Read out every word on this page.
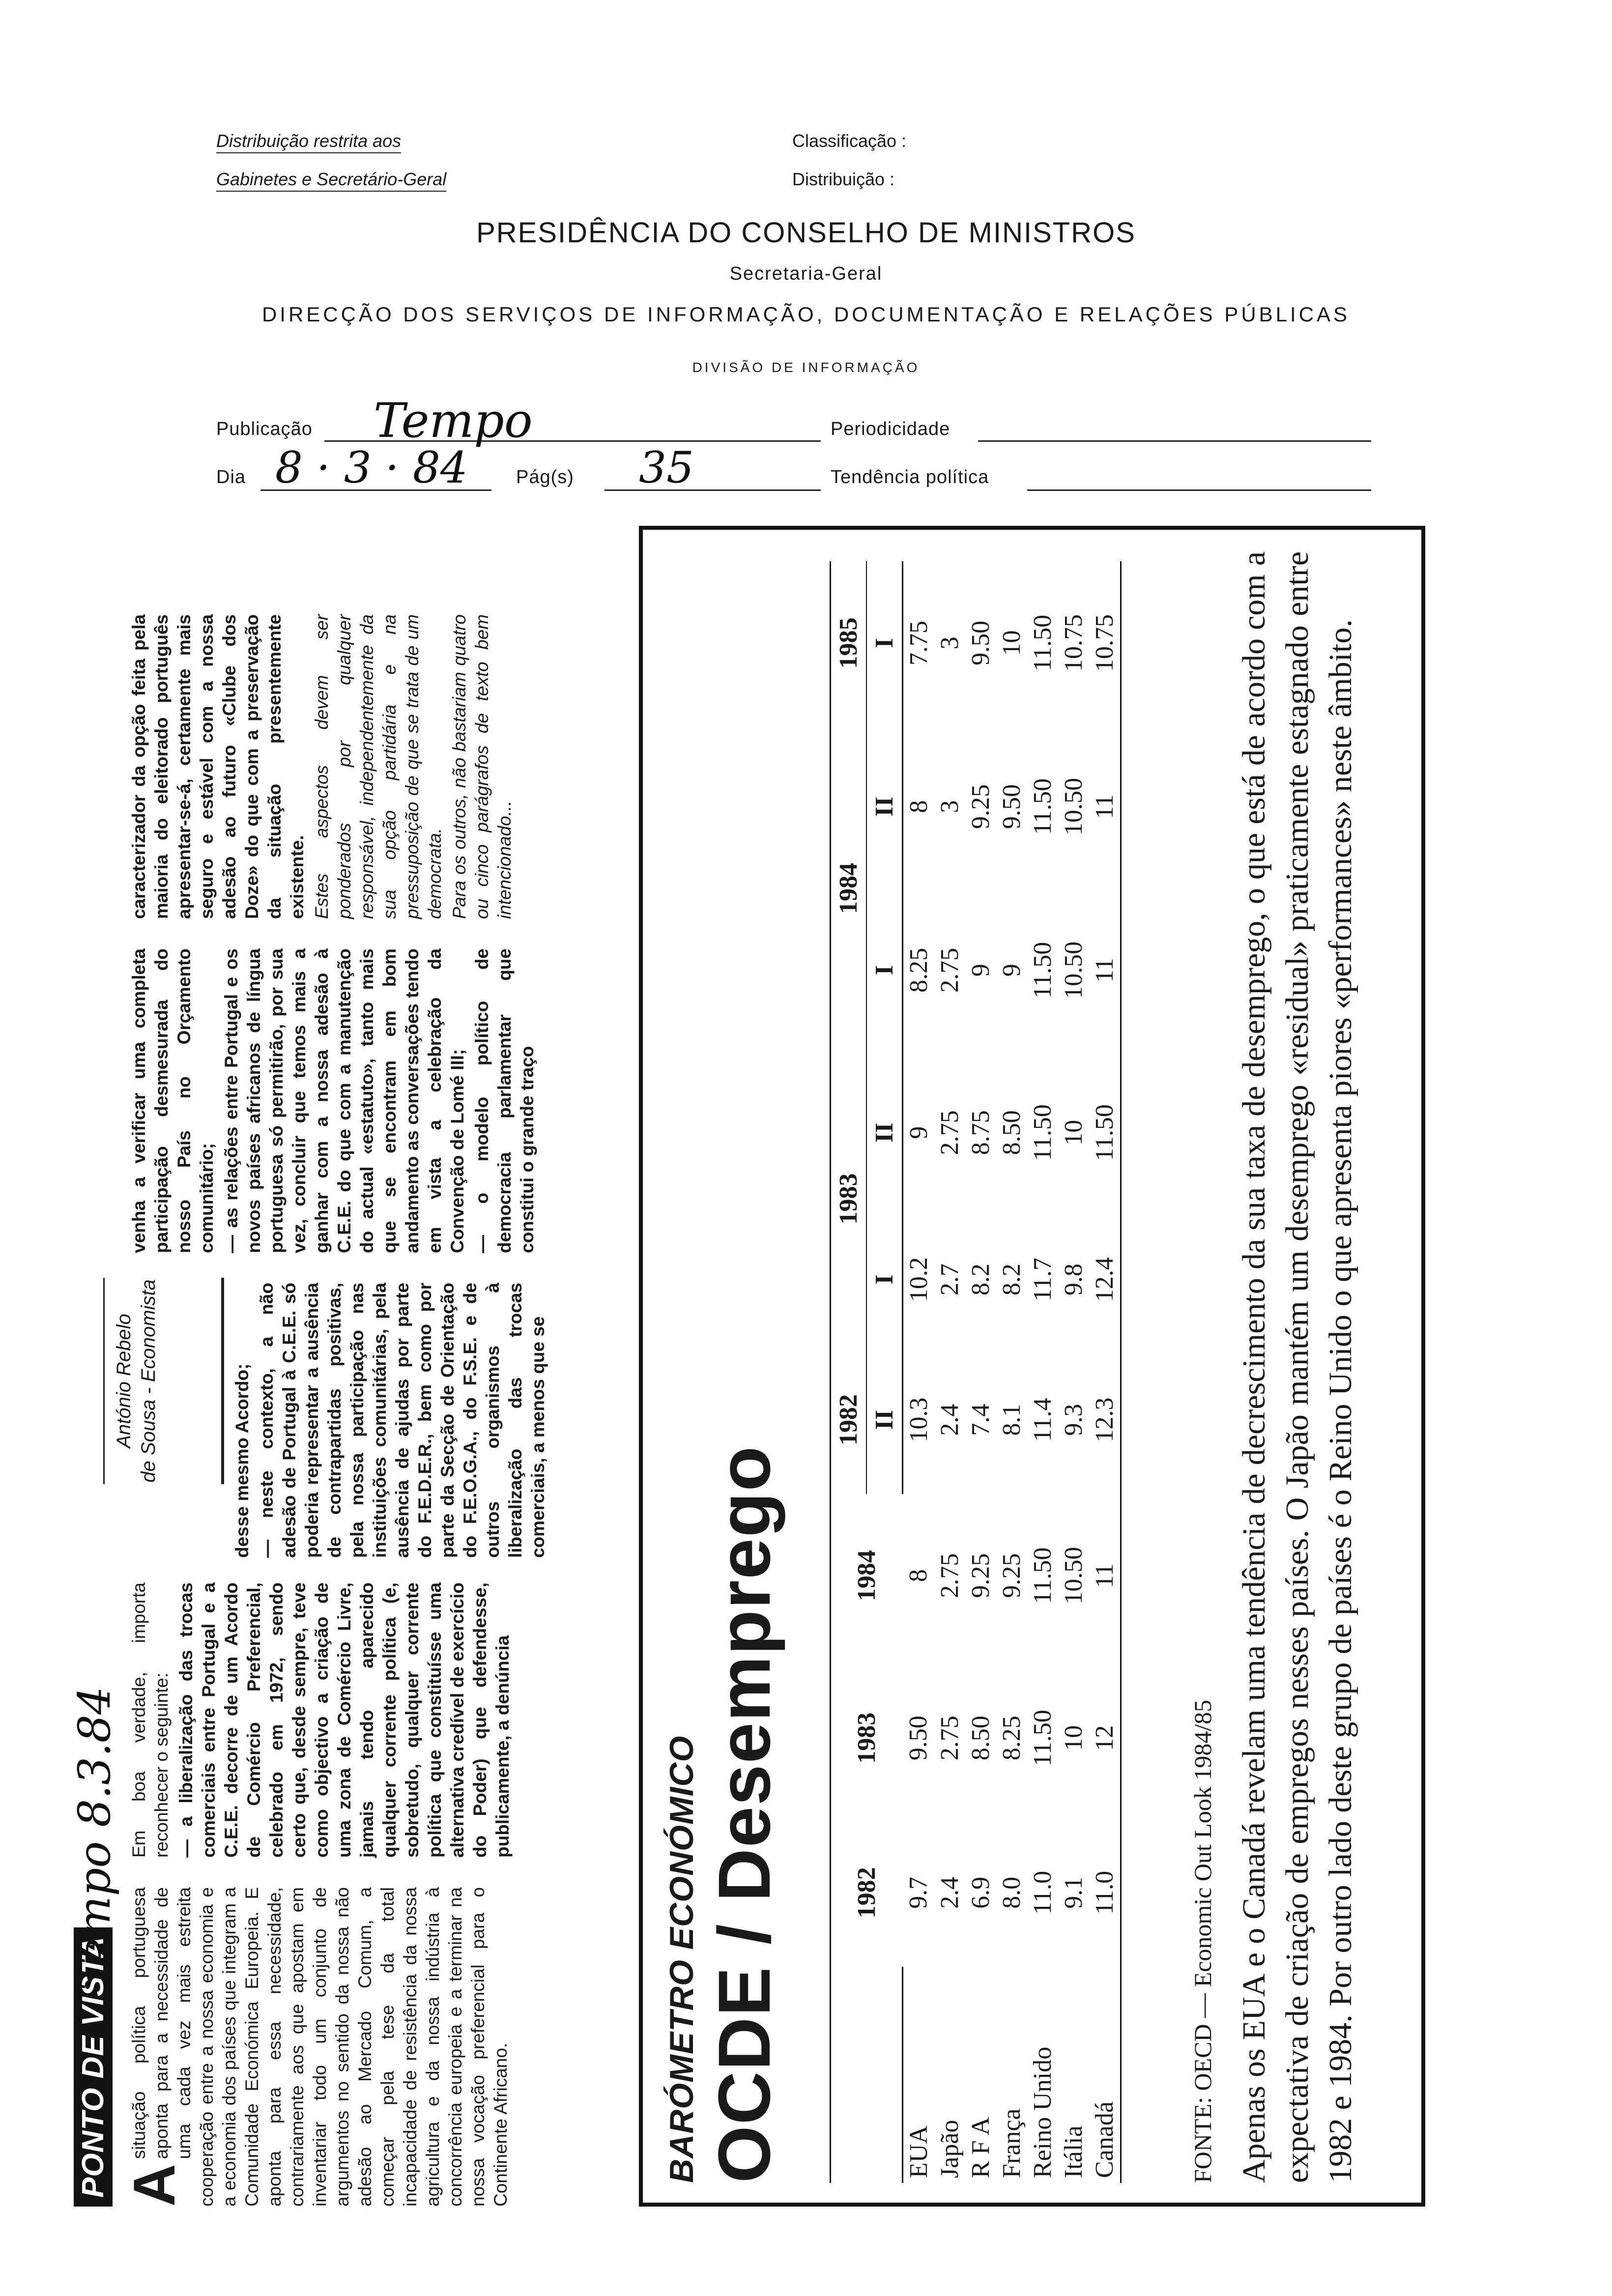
Distribuição restrita aos
Gabinetes e Secretário-Geral
Classificação :
Distribuição :
PRESIDÊNCIA DO CONSELHO DE MINISTROS
Secretaria-Geral
DIRECÇÃO DOS SERVIÇOS DE INFORMAÇÃO, DOCUMENTAÇÃO E RELAÇÕES PÚBLICAS
DIVISÃO DE INFORMAÇÃO
Publicação Tempo	Periodicidade
Dia 8 · 3 · 84	Pág(s) 35	Tendência política
PONTO DE VISTA
Tempo 8.3.84

A
situação política portuguesa aponta para a necessidade de uma cada vez mais estreita cooperação entre a nossa economia e a economia dos países que integram a Comunidade Económica Europeia. E aponta para essa necessidade, contrariamente aos que apostam em inventariar todo um conjunto de argumentos no sentido da nossa não adesão ao Mercado Comum, a começar pela tese da total incapacidade de resistência da nossa agricultura e da nossa indústria à concorrência europeia e a terminar na nossa vocação preferencial para o Continente Africano.

Em boa verdade, importa reconhecer o seguinte: — a liberalização das trocas comerciais entre Portugal e a C.E.E. decorre de um Acordo de Comércio Preferencial, celebrado em 1972, sendo certo que, desde sempre, teve como objectivo a criação de uma zona de Comércio Livre, jamais tendo aparecido qualquer corrente política (e, sobretudo, qualquer corrente política que constituísse uma alternativa credível de exercício do Poder) que defendesse, publicamente, a denúncia

António Rebelo de Sousa - Economista	desse mesmo Acordo; — neste contexto, a não adesão de Portugal à C.E.E. só poderia representar a ausência de contrapartidas positivas, pela nossa participação nas instituições comunitárias, pela ausência de ajudas por parte do F.E.D.E.R., bem como por parte da Secção de Orientação do F.E.O.G.A., do F.S.E. e de outros organismos à liberalização das trocas comerciais, a menos que se

venha a verificar uma completa participação desmesurada do nosso País no Orçamento comunitário; — as relações entre Portugal e os novos países africanos de língua portuguesa só permitirão, por sua vez, concluir que temos mais a ganhar com a nossa adesão à C.E.E. do que com a manutenção do actual «estatuto», tanto mais que se encontram em bom andamento as conversações tendo em vista a celebração da Convenção de Lomé III; — o modelo político de democracia parlamentar que constitui o grande traço

caracterizador da opção feita pela maioria do eleitorado português apresentar-se-á, certamente mais seguro e estável com a nossa adesão ao futuro «Clube dos Doze» do que com a preservação da situação presentemente existente. Estes aspectos devem ser ponderados por qualquer responsável, independentemente da sua opção partidária e na pressuposição de que se trata de um democrata. Para os outros, não bastariam quatro ou cinco parágrafos de texto bem intencionado...

BARÓMETRO ECONÓMICO OCDE / Desemprego
		1982	1983	1984	1982	1983		1984		1985
				II	I	II	I	II	I
EUA	9.7	9.50	8	10.3	10.2	9	8.25	8	7.75
Japão	2.4	2.75	2.75	2.4	2.7	2.75	2.75	3	3
R F A	6.9	8.50	9.25	7.4	8.2	8.75	9	9.25	9.50
França	8.0	8.25	9.25	8.1	8.2	8.50	9	9.50	10
Reino Unido	11.0	11.50	11.50	11.4	11.7	11.50	11.50	11.50	11.50
Itália	9.1	10	10.50	9.3	9.8	10	10.50	10.50	10.75
Canadá	11.0	12	11	12.3	12.4	11.50	11	11	10.75
FONTE: OECD — Economic Out Look 1984/85 Apenas os EUA e o Canadá revelam uma tendência de decrescimento da sua taxa de desemprego, o que está de acordo com a expectativa de criação de empregos nesses países. O Japão mantém um desemprego «residual» praticamente estagnado entre 1982 e 1984. Por outro lado deste grupo de países é o Reino Unido o que apresenta piores «performances» neste âmbito.
